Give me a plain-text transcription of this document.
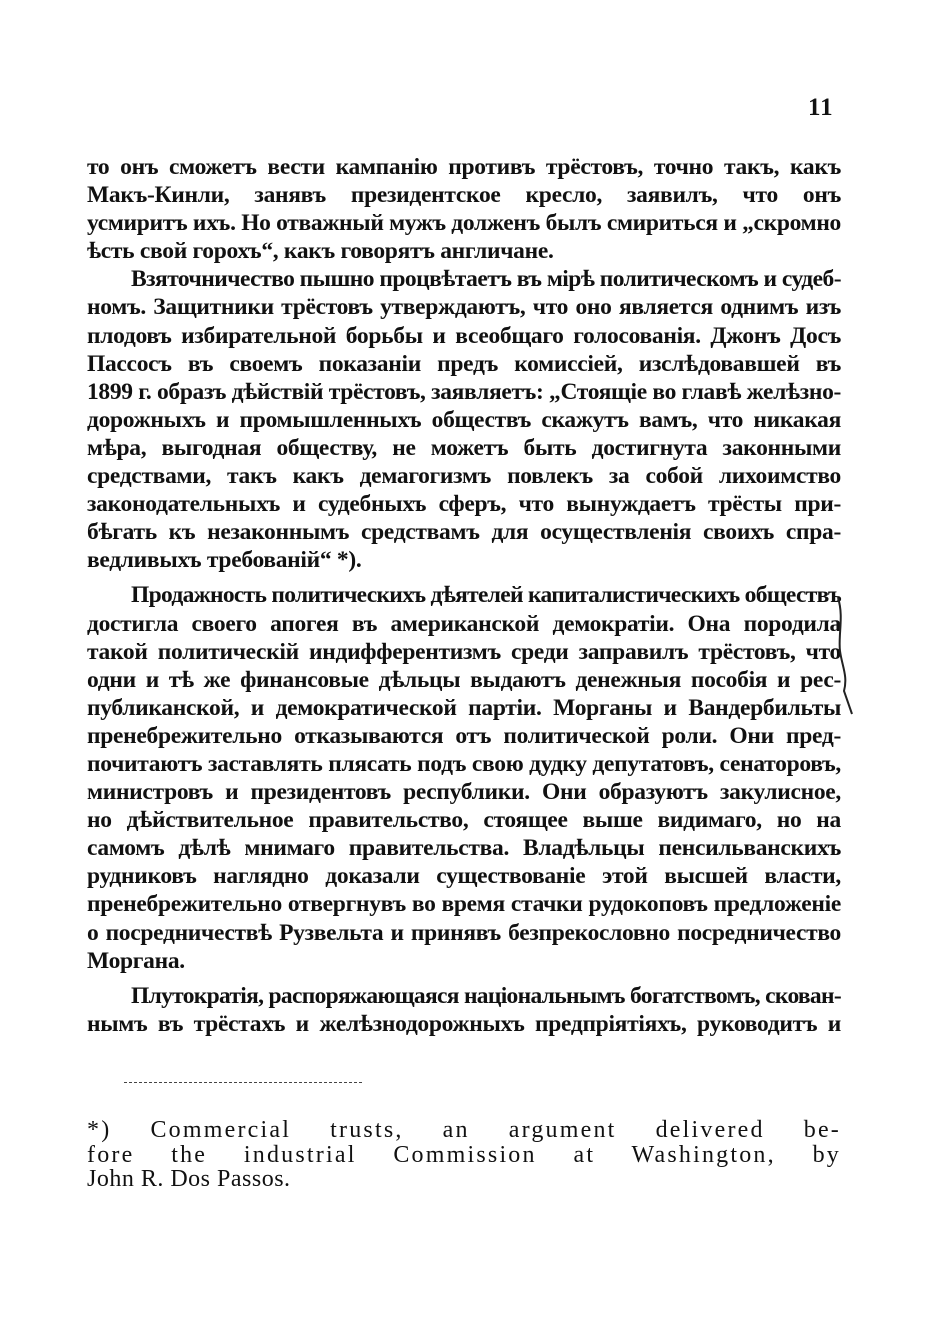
11
то онъ сможетъ вести кампанію противъ трёстовъ, точно такъ, какъ
Макъ-Кинли, занявъ президентское кресло, заявилъ, что онъ
усмиритъ ихъ. Но отважный мужъ долженъ былъ смириться и „скромно
ѣсть свой горохъ“, какъ говорятъ англичане.
Взяточничество пышно процвѣтаетъ въ мірѣ политическомъ и судеб-
номъ. Защитники трёстовъ утверждаютъ, что оно является однимъ изъ
плодовъ избирательной борьбы и всеобщаго голосованія. Джонъ Досъ
Пассосъ въ своемъ показаніи предъ комиссіей, изслѣдовавшей въ
1899 г. образъ дѣйствій трёстовъ, заявляетъ: „Стоящіе во главѣ желѣзно-
дорожныхъ и промышленныхъ обществъ скажутъ вамъ, что никакая
мѣра, выгодная обществу, не можетъ быть достигнута законными
средствами, такъ какъ демагогизмъ повлекъ за собой лихоимство
законодательныхъ и судебныхъ сферъ, что вынуждаетъ трёсты при-
бѣгать къ незаконнымъ средствамъ для осуществленія своихъ спра-
ведливыхъ требованій“ *).
Продажность политическихъ дѣятелей капиталистическихъ обществъ
достигла своего апогея въ американской демократіи. Она породила
такой политическій индифферентизмъ среди заправилъ трёстовъ, что
одни и тѣ же финансовые дѣльцы выдаютъ денежныя пособія и рес-
публиканской, и демократической партіи. Морганы и Вандербильты
пренебрежительно отказываются отъ политической роли. Они пред-
почитаютъ заставлять плясать подъ свою дудку депутатовъ, сенаторовъ,
министровъ и президентовъ республики. Они образуютъ закулисное,
но дѣйствительное правительство, стоящее выше видимаго, но на
самомъ дѣлѣ мнимаго правительства. Владѣльцы пенсильванскихъ
рудниковъ наглядно доказали существованіе этой высшей власти,
пренебрежительно отвергнувъ во время стачки рудокоповъ предложеніе
о посредничествѣ Рузвельта и принявъ безпрекословно посредничество
Моргана.
Плутократія, распоряжающаяся національнымъ богатствомъ, скован-
нымъ въ трёстахъ и желѣзнодорожныхъ предпріятіяхъ, руководитъ и
*) Commercial trusts, an argument delivered be-
fore the industrial Commission at Washington, by
John R. Dos Passos.
